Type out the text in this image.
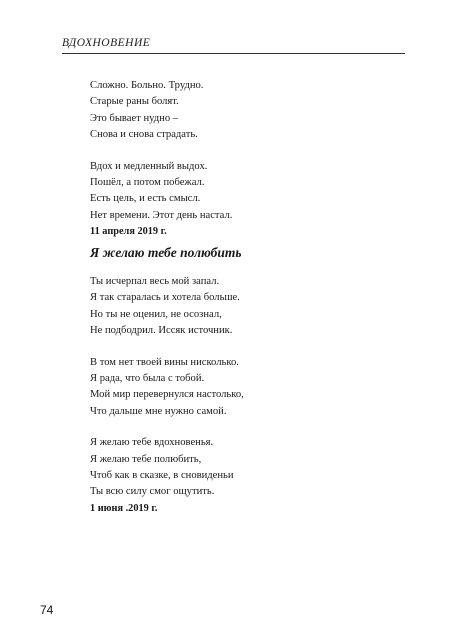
ВДОХНОВЕНИЕ
Сложно. Больно. Трудно.
Старые раны болят.
Это бывает нудно –
Снова и снова страдать.
Вдох и медленный выдох.
Пошёл, а потом побежал.
Есть цель, и есть смысл.
Нет времени. Этот день настал.
11 апреля 2019 г.
Я желаю тебе полюбить
Ты исчерпал весь мой запал.
Я так старалась и хотела больше.
Но ты не оценил, не осознал,
Не подбодрил. Иссяк источник.
В том нет твоей вины нисколько.
Я рада, что была с тобой.
Мой мир перевернулся настолько,
Что дальше мне нужно самой.
Я желаю тебе вдохновенья.
Я желаю тебе полюбить,
Чтоб как в сказке, в сновиденьи
Ты всю силу смог ощутить.
1 июня .2019 г.
74
